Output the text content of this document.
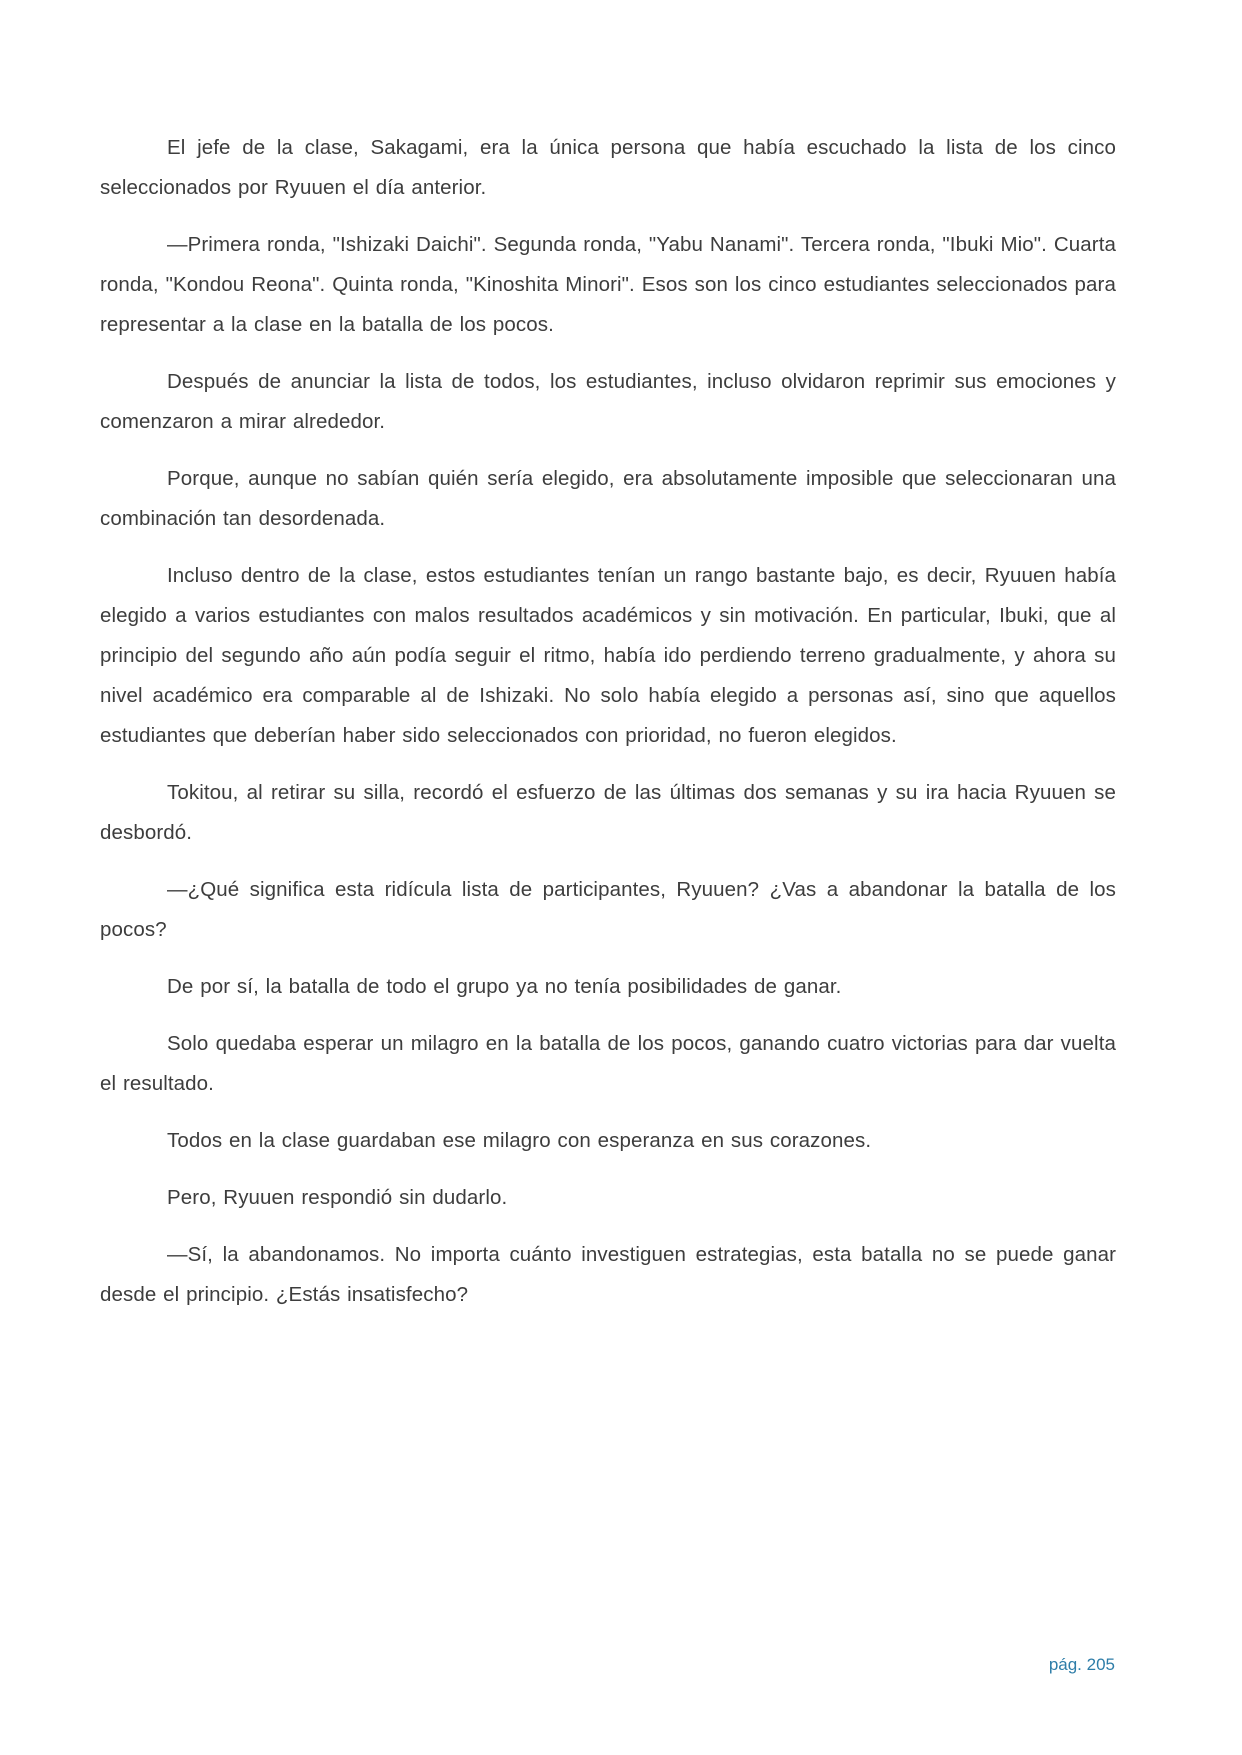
El jefe de la clase, Sakagami, era la única persona que había escuchado la lista de los cinco seleccionados por Ryuuen el día anterior.

—Primera ronda, "Ishizaki Daichi". Segunda ronda, "Yabu Nanami". Tercera ronda, "Ibuki Mio". Cuarta ronda, "Kondou Reona". Quinta ronda, "Kinoshita Minori". Esos son los cinco estudiantes seleccionados para representar a la clase en la batalla de los pocos.

Después de anunciar la lista de todos, los estudiantes, incluso olvidaron reprimir sus emociones y comenzaron a mirar alrededor.

Porque, aunque no sabían quién sería elegido, era absolutamente imposible que seleccionaran una combinación tan desordenada.

Incluso dentro de la clase, estos estudiantes tenían un rango bastante bajo, es decir, Ryuuen había elegido a varios estudiantes con malos resultados académicos y sin motivación. En particular, Ibuki, que al principio del segundo año aún podía seguir el ritmo, había ido perdiendo terreno gradualmente, y ahora su nivel académico era comparable al de Ishizaki. No solo había elegido a personas así, sino que aquellos estudiantes que deberían haber sido seleccionados con prioridad, no fueron elegidos.

Tokitou, al retirar su silla, recordó el esfuerzo de las últimas dos semanas y su ira hacia Ryuuen se desbordó.

—¿Qué significa esta ridícula lista de participantes, Ryuuen? ¿Vas a abandonar la batalla de los pocos?

De por sí, la batalla de todo el grupo ya no tenía posibilidades de ganar.

Solo quedaba esperar un milagro en la batalla de los pocos, ganando cuatro victorias para dar vuelta el resultado.

Todos en la clase guardaban ese milagro con esperanza en sus corazones.

Pero, Ryuuen respondió sin dudarlo.

—Sí, la abandonamos. No importa cuánto investiguen estrategias, esta batalla no se puede ganar desde el principio. ¿Estás insatisfecho?

pág. 205
